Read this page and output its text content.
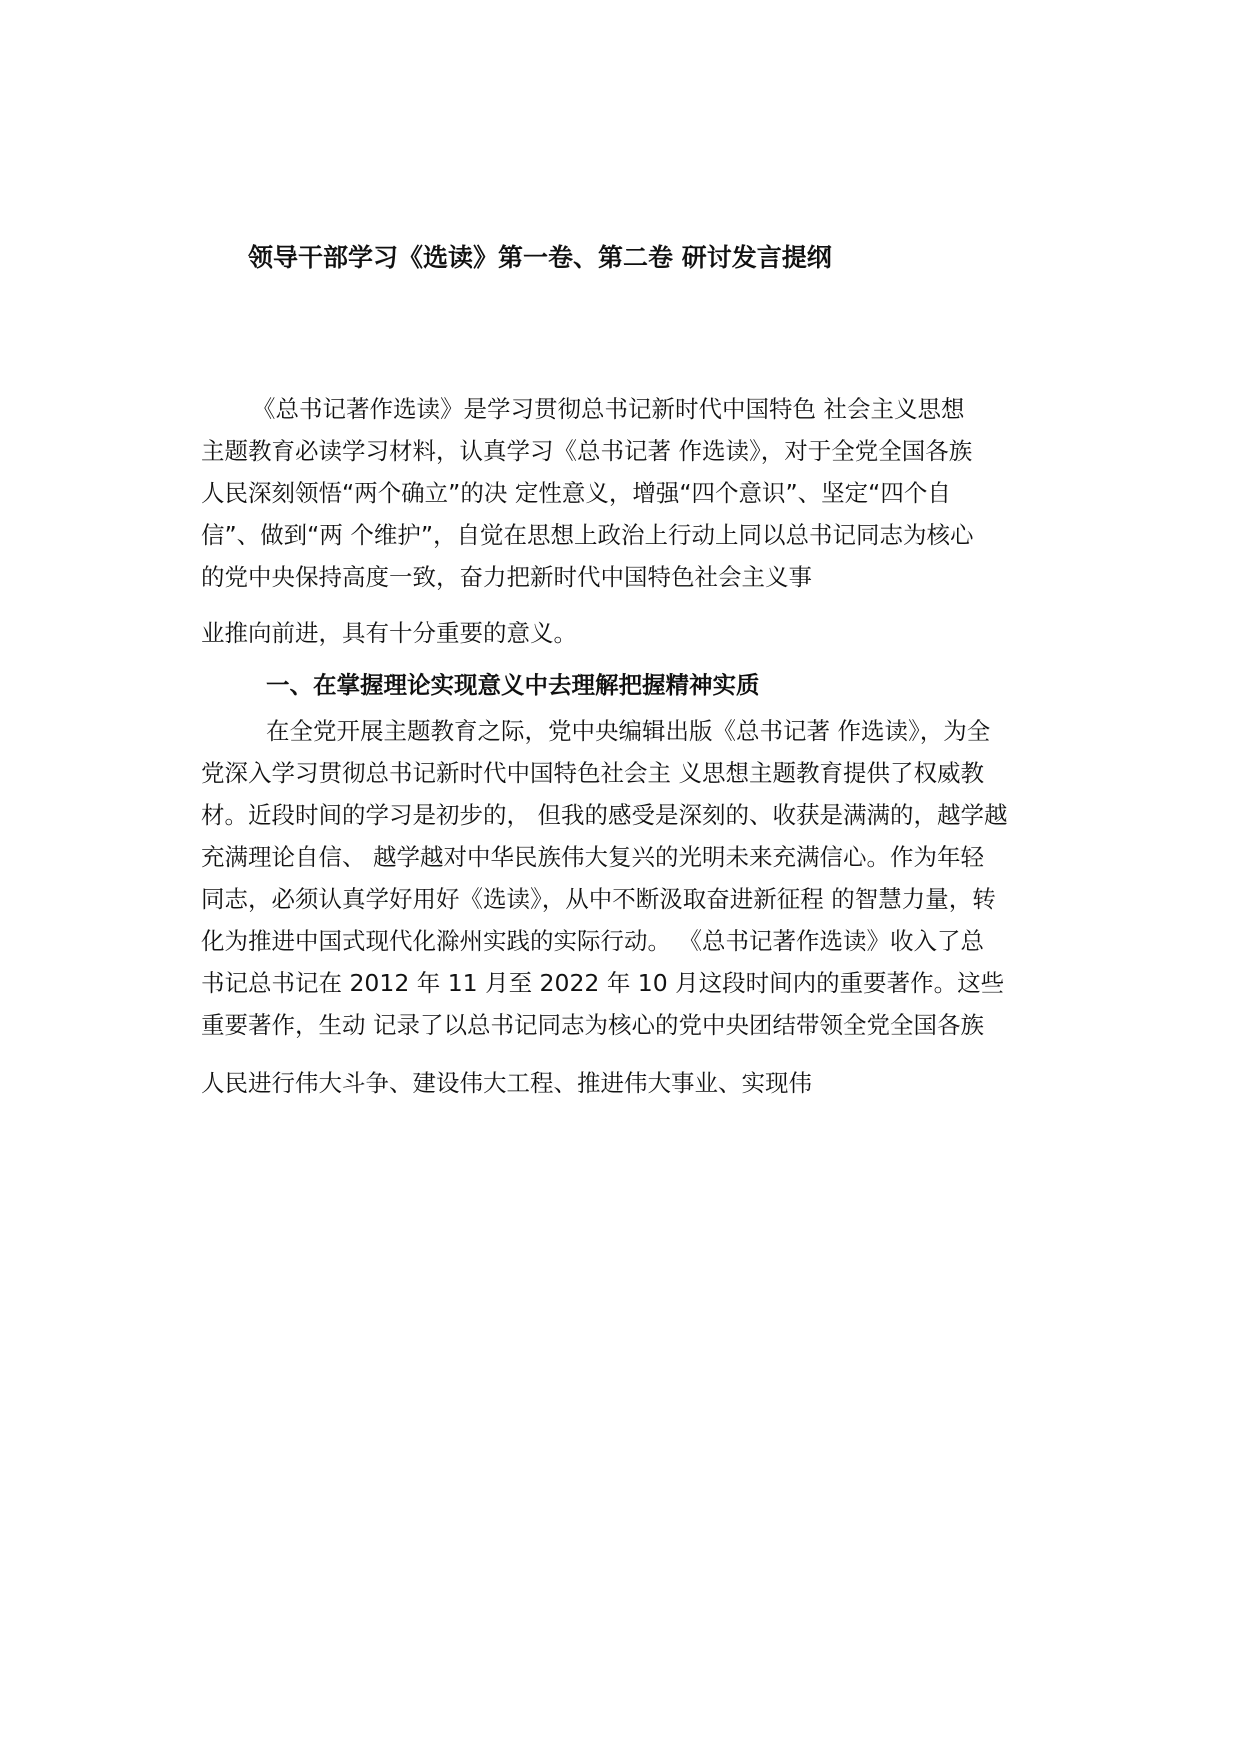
领导干部学习《选读》第一卷、第二卷 研讨发言提纲
《总书记著作选读》是学习贯彻总书记新时代中国特色 社会主义思想
主题教育必读学习材料，认真学习《总书记著 作选读》，对于全党全国各族
人民深刻领悟“两个确立”的决 定性意义，增强“四个意识”、坚定“四个自
信”、做到“两 个维护”，自觉在思想上政治上行动上同以总书记同志为核心
的党中央保持高度一致，奋力把新时代中国特色社会主义事
业推向前进，具有十分重要的意义。
一、在掌握理论实现意义中去理解把握精神实质
在全党开展主题教育之际，党中央编辑出版《总书记著 作选读》，为全
党深入学习贯彻总书记新时代中国特色社会主 义思想主题教育提供了权威教
材。近段时间的学习是初步的， 但我的感受是深刻的、收获是满满的，越学越
充满理论自信、 越学越对中华民族伟大复兴的光明未来充满信心。作为年轻
同志，必须认真学好用好《选读》，从中不断汲取奋进新征程 的智慧力量，转
化为推进中国式现代化滁州实践的实际行动。 《总书记著作选读》收入了总
书记总书记在 2012 年 11 月至 2022 年 10 月这段时间内的重要著作。这些
重要著作，生动 记录了以总书记同志为核心的党中央团结带领全党全国各族
人民进行伟大斗争、建设伟大工程、推进伟大事业、实现伟
